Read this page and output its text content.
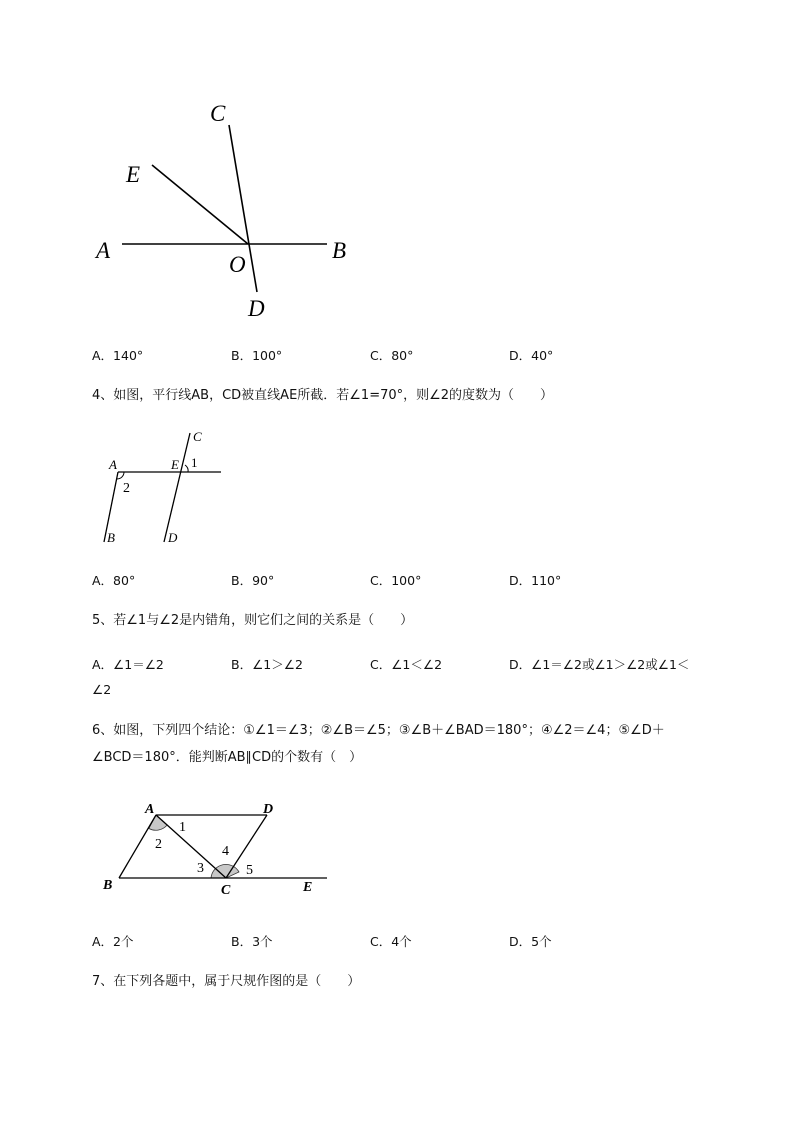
C
E
A
O
B
D
A	E
C
1
2
B	D
A	D
B	C	E
1
2
3
4
5
A．140°	B．100°	C．80°	D．40°
4、如图，平行线AB，CD被直线AE所截．若∠1=70°，则∠2的度数为（　　）
A．80°	B．90°	C．100°	D．110°
5、若∠1与∠2是内错角，则它们之间的关系是（　　）
A．∠1＝∠2	B．∠1＞∠2	C．∠1＜∠2	D．∠1＝∠2或∠1＞∠2或∠1＜
∠2
6、如图，下列四个结论：①∠1＝∠3；②∠B＝∠5；③∠B＋∠BAD＝180°；④∠2＝∠4；⑤∠D＋
∠BCD＝180°．能判断AB∥CD的个数有（　）
A．2个	B．3个	C．4个	D．5个
7、在下列各题中，属于尺规作图的是（　　）
